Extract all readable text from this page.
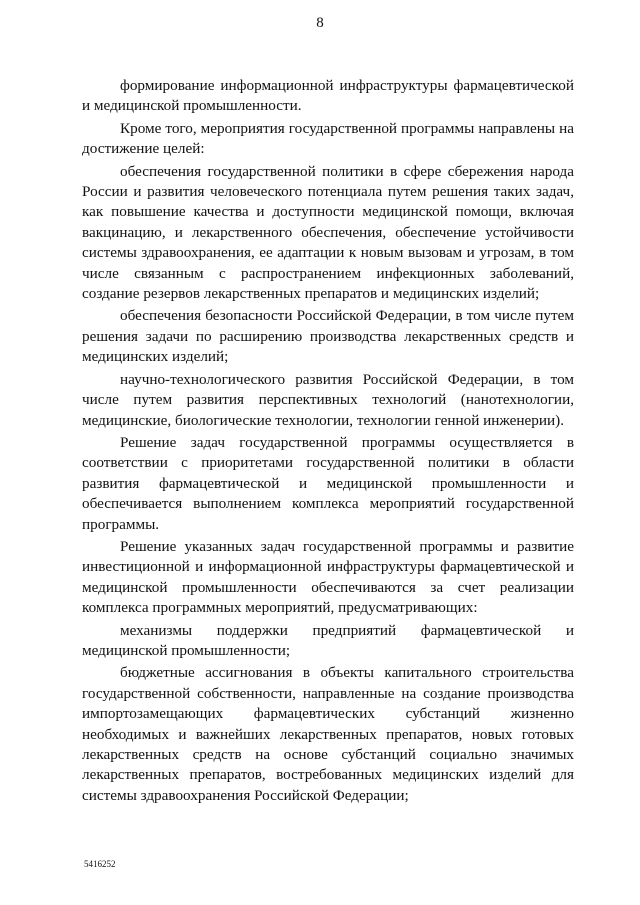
8

формирование информационной инфраструктуры фармацевтической и медицинской промышленности.

Кроме того, мероприятия государственной программы направлены на достижение целей:

обеспечения государственной политики в сфере сбережения народа России и развития человеческого потенциала путем решения таких задач, как повышение качества и доступности медицинской помощи, включая вакцинацию, и лекарственного обеспечения, обеспечение устойчивости системы здравоохранения, ее адаптации к новым вызовам и угрозам, в том числе связанным с распространением инфекционных заболеваний, создание резервов лекарственных препаратов и медицинских изделий;

обеспечения безопасности Российской Федерации, в том числе путем решения задачи по расширению производства лекарственных средств и медицинских изделий;

научно-технологического развития Российской Федерации, в том числе путем развития перспективных технологий (нанотехнологии, медицинские, биологические технологии, технологии генной инженерии).

Решение задач государственной программы осуществляется в соответствии с приоритетами государственной политики в области развития фармацевтической и медицинской промышленности и обеспечивается выполнением комплекса мероприятий государственной программы.

Решение указанных задач государственной программы и развитие инвестиционной и информационной инфраструктуры фармацевтической и медицинской промышленности обеспечиваются за счет реализации комплекса программных мероприятий, предусматривающих:

механизмы поддержки предприятий фармацевтической и медицинской промышленности;

бюджетные ассигнования в объекты капитального строительства государственной собственности, направленные на создание производства импортозамещающих фармацевтических субстанций жизненно необходимых и важнейших лекарственных препаратов, новых готовых лекарственных средств на основе субстанций социально значимых лекарственных препаратов, востребованных медицинских изделий для системы здравоохранения Российской Федерации;

5416252
